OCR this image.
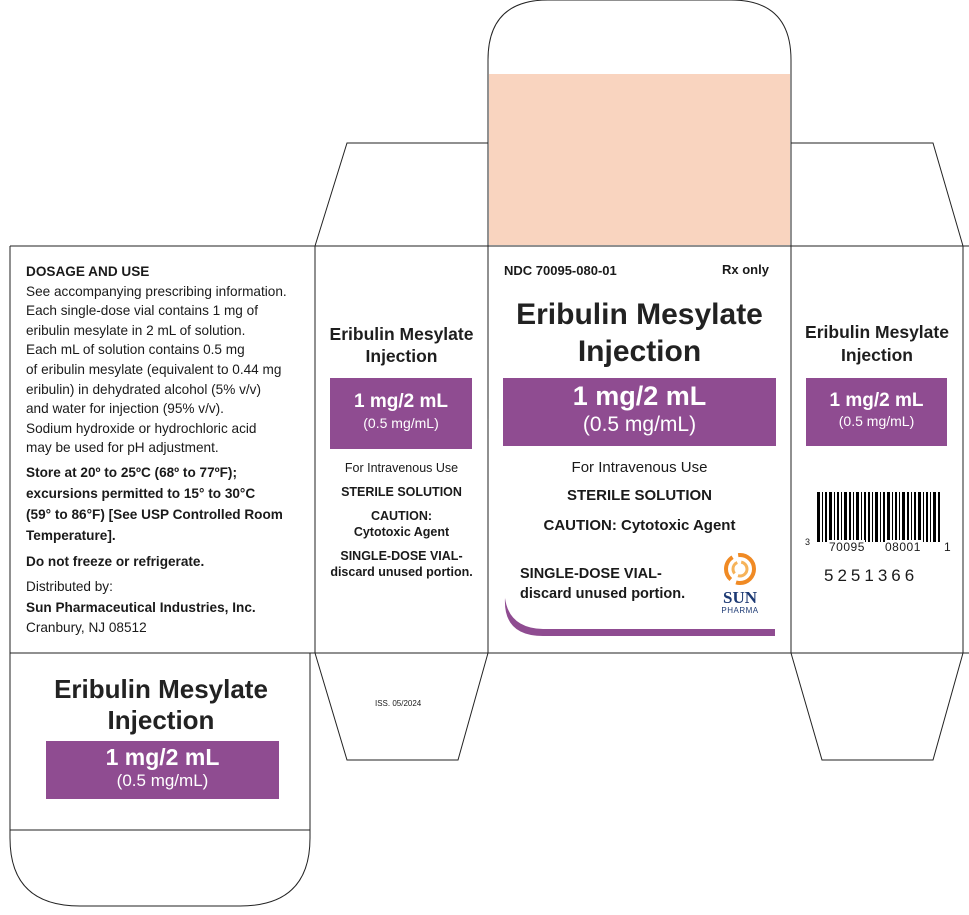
DOSAGE AND USE

See accompanying prescribing information.

Each single-dose vial contains 1 mg of

eribulin mesylate in 2 mL of solution.

Each mL of solution contains 0.5 mg

of eribulin mesylate (equivalent to 0.44 mg

eribulin) in dehydrated alcohol (5% v/v)

and water for injection (95% v/v).

Sodium hydroxide or hydrochloric acid

may be used for pH adjustment.

Store at 20º to 25ºC (68º to 77ºF);

excursions permitted to 15° to 30°C

(59° to 86°F) [See USP Controlled Room

Temperature].

Do not freeze or refrigerate.

Distributed by:

Sun Pharmaceutical Industries, Inc.

Cranbury, NJ 08512

Eribulin Mesylate
Injection
1 mg/2 mL
(0.5 mg/mL)
For Intravenous Use
STERILE SOLUTION
CAUTION:
Cytotoxic Agent
SINGLE-DOSE VIAL-
discard unused portion.
NDC 70095-080-01	Rx only
Eribulin Mesylate
Injection
1 mg/2 mL
(0.5 mg/mL)
For Intravenous Use
STERILE SOLUTION
CAUTION: Cytotoxic Agent
SINGLE-DOSE VIAL-
discard unused portion.	SUN
PHARMA
Eribulin Mesylate
Injection
1 mg/2 mL
(0.5 mg/mL)
3 70095 08001 1
5251366
Eribulin Mesylate
Injection
1 mg/2 mL
(0.5 mg/mL)
ISS. 05/2024
